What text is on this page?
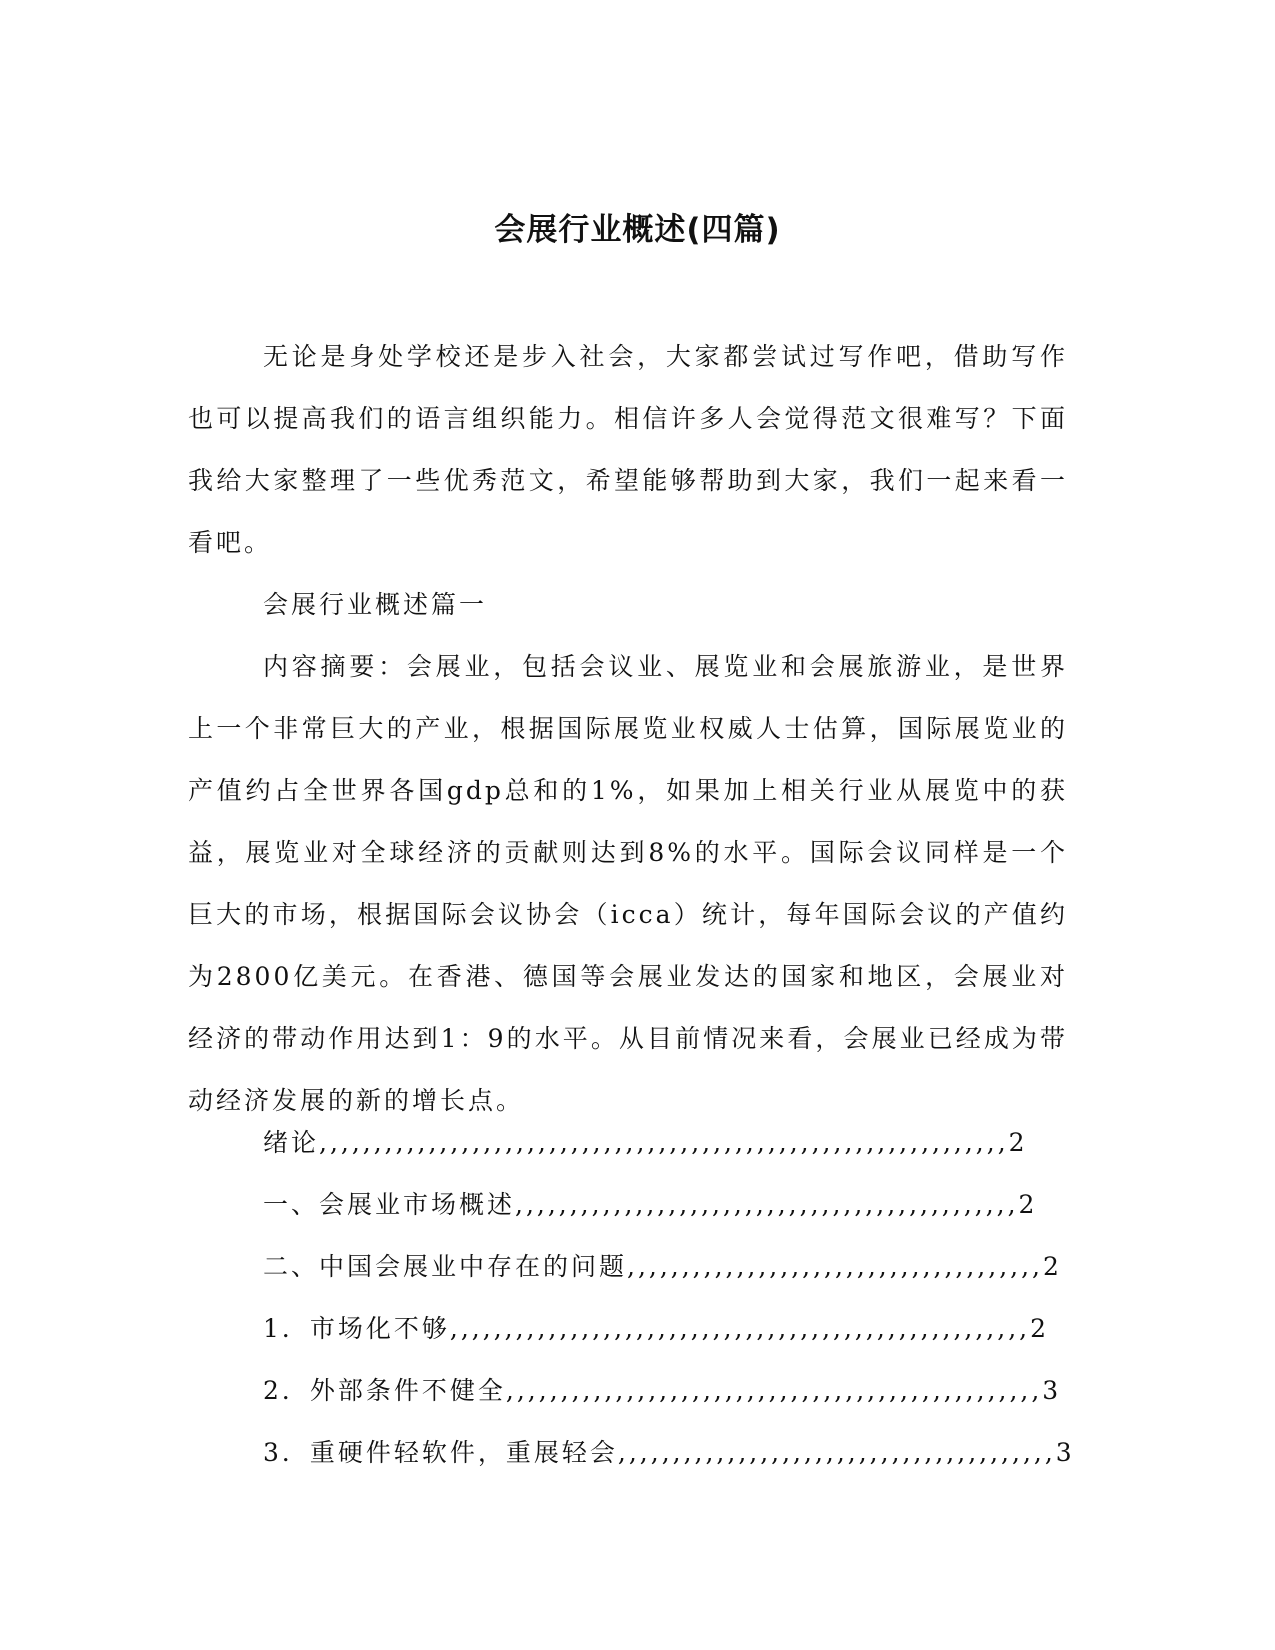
会展行业概述(四篇)

无论是身处学校还是步入社会，大家都尝试过写作吧，借助写作也可以提高我们的语言组织能力。相信许多人会觉得范文很难写？下面我给大家整理了一些优秀范文，希望能够帮助到大家，我们一起来看一看吧。

会展行业概述篇一

内容摘要：会展业，包括会议业、展览业和会展旅游业，是世界上一个非常巨大的产业，根据国际展览业权威人士估算，国际展览业的产值约占全世界各国gdp总和的1%，如果加上相关行业从展览中的获益，展览业对全球经济的贡献则达到8%的水平。国际会议同样是一个巨大的市场，根据国际会议协会（icca）统计，每年国际会议的产值约为2800亿美元。在香港、德国等会展业发达的国家和地区，会展业对经济的带动作用达到1：9的水平。从目前情况来看，会展业已经成为带动经济发展的新的增长点。

绪论,,,,,,,,,,,,,,,,,,,,,,,,,,,,,,,,,,,,,,,,,,,,,,,,,,,,,,,,,,,,,,,2
一、会展业市场概述,,,,,,,,,,,,,,,,,,,,,,,,,,,,,,,,,,,,,,,,,,,,,,2
二、中国会展业中存在的问题,,,,,,,,,,,,,,,,,,,,,,,,,,,,,,,,,,,,,,2
1．市场化不够,,,,,,,,,,,,,,,,,,,,,,,,,,,,,,,,,,,,,,,,,,,,,,,,,,,,,2
2．外部条件不健全,,,,,,,,,,,,,,,,,,,,,,,,,,,,,,,,,,,,,,,,,,,,,,,,,3
3．重硬件轻软件，重展轻会,,,,,,,,,,,,,,,,,,,,,,,,,,,,,,,,,,,,,,,,3
